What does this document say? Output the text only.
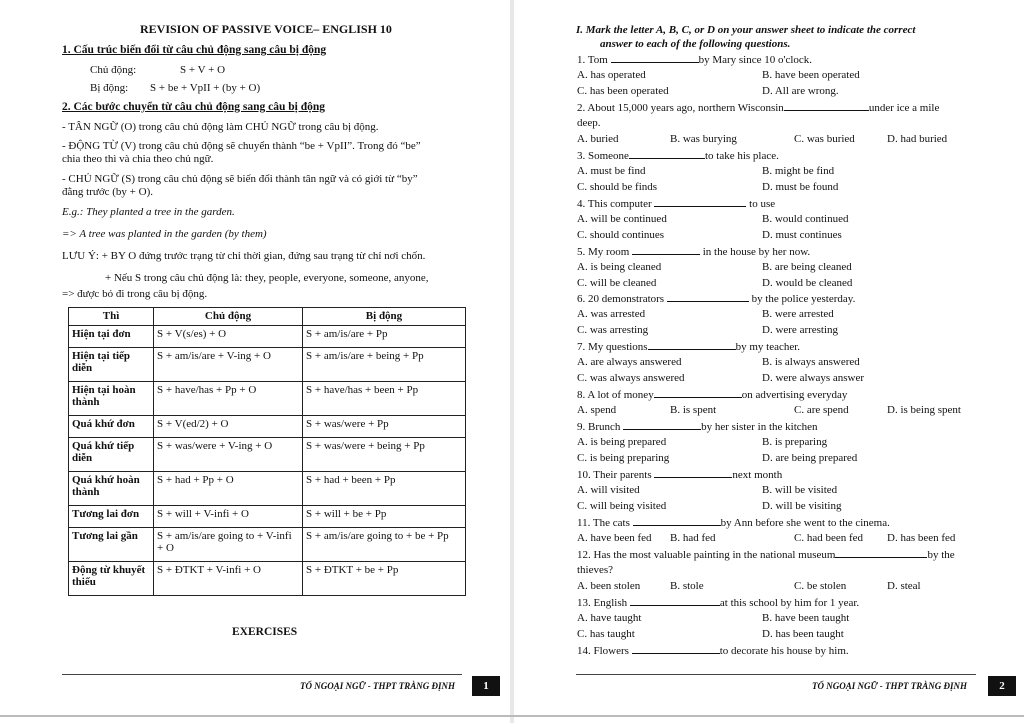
REVISION OF PASSIVE VOICE– ENGLISH 10
1. Cấu trúc biến đổi từ câu chủ động sang câu bị động
Chủ động:	S + V + O
Bị động: S + be + VpII + (by + O)
2. Các bước chuyển từ câu chủ động sang câu bị động
- TÂN NGỮ (O) trong câu chủ động làm CHỦ NGỮ trong câu bị động.
- ĐỘNG TỪ (V) trong câu chủ động sẽ chuyển thành “be + VpII”. Trong đó “be”
chia theo thì và chia theo chủ ngữ.
- CHỦ NGỮ (S) trong câu chủ động sẽ biến đổi thành tân ngữ và có giới từ “by”
đằng trước (by + O).
E.g.: They planted a tree in the garden.
=> A tree was planted in the garden (by them)
LƯU Ý: + BY O đứng trước trạng từ chỉ thời gian, đứng sau trạng từ chỉ nơi chốn.
+ Nếu S trong câu chủ động là: they, people, everyone, someone, anyone,
=> được bỏ đi trong câu bị động.
Thì	Chủ động	Bị động
Hiện tại đơn	S + V(s/es) + O	S + am/is/are + Pp
Hiện tại tiếp diễn	S + am/is/are + V-ing + O	S + am/is/are + being + Pp
Hiện tại hoàn thành	S + have/has + Pp + O	S + have/has + been + Pp
Quá khứ đơn	S + V(ed/2) + O	S + was/were + Pp
Quá khứ tiếp diễn	S + was/were + V-ing + O	S + was/were + being + Pp
Quá khứ hoàn thành	S + had + Pp + O	S + had + been + Pp
Tương lai đơn	S + will + V-infi + O	S + will + be + Pp
Tương lai gần	S + am/is/are going to + V-infi + O	S + am/is/are going to + be + Pp
Động từ khuyết thiếu	S + ĐTKT + V-infi + O	S + ĐTKT + be + Pp
EXERCISES
TỔ NGOẠI NGỮ - THPT TRÀNG ĐỊNH	1
I. Mark the letter A, B, C, or D on your answer sheet to indicate the correct
answer to each of the following questions.
1. Tom	by Mary since 10 o'clock.
A. has operated	B. have been operated
C. has been operated	D. All are wrong.
2. About 15,000 years ago, northern Wisconsin	under ice a mile
deep.
A. buried	B. was burying	C. was buried	D. had buried
3. Someone	to take his place.
A. must be find	B. might be find
C. should be finds	D. must be found
4. This computer	to use
A. will be continued	B. would continued
C. should continues	D. must continues
5. My room	in the house by her now.
A. is being cleaned	B. are being cleaned
C. will be cleaned	D. would be cleaned
6. 20 demonstrators	by the police yesterday.
A. was arrested	B. were arrested
C. was arresting	D. were arresting
7. My questions	by my teacher.
A. are always answered	B. is always answered
C. was always answered	D. were always answer
8. A lot of money	on advertising everyday
A. spend	B. is spent	C. are spend	D. is being spent
9. Brunch	by her sister in the kitchen
A. is being prepared	B. is preparing
C. is being preparing	D. are being prepared
10. Their parents	next month
A. will visited	B. will be visited
C. will being visited	D. will be visiting
11. The cats	by Ann before she went to the cinema.
A. have been fed B. had fed	C. had been fed D. has been fed
12. Has the most valuable painting in the national museum	by the
thieves?
A. been stolen	B. stole	C. be stolen	D. steal
13. English	at this school by him for 1 year.
A. have taught	B. have been taught
C. has taught	D. has been taught
14. Flowers	to decorate his house by him.
TỔ NGOẠI NGỮ - THPT TRÀNG ĐỊNH	2
